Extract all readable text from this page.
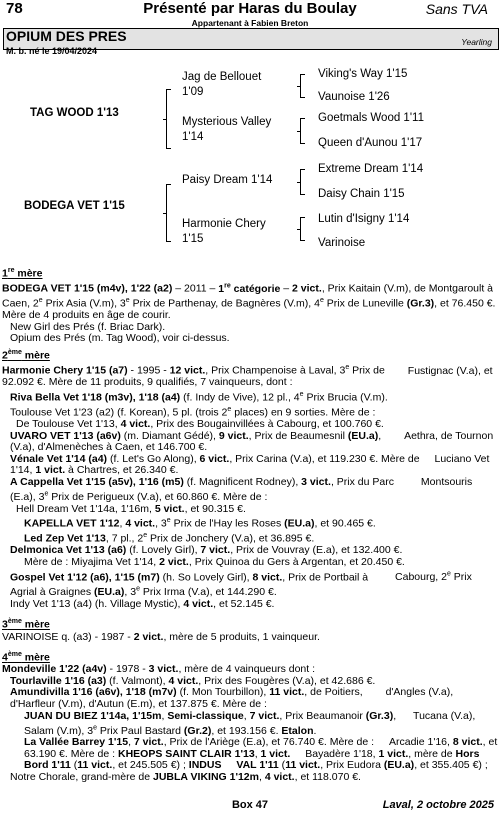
Présenté par Haras du Boulay
78	Sans TVA
Appartenant à Fabien Breton
OPIUM DES PRES	Yearling
M. b. né le 19/04/2024
TAG WOOD 1'13
BODEGA VET 1'15
Jag de Bellouet 1'09
Mysterious Valley 1'14
Paisy Dream 1'14
Harmonie Chery 1'15
Viking's Way 1'15
Vaunoise 1'26
Goetmals Wood 1'11
Queen d'Aunou 1'17
Extreme Dream 1'14
Daisy Chain 1'15
Lutin d'Isigny 1'14
Varinoise

1re mère

BODEGA VET 1'15 (m4v), 1'22 (a2) – 2011 – 1re catégorie – 2 vict., Prix Kaitain (V.m), de Montgaroult à Caen, 2e Prix Asia (V.m), 3e Prix de Parthenay, de Bagnères (V.m), 4e Prix de Luneville (Gr.3), et 76.450 €. Mère de 4 produits en âge de courir.

New Girl des Prés (f. Briac Dark).

Opium des Prés (m. Tag Wood), voir ci-dessus.

2ème mère

Harmonie Chery 1'15 (a7) - 1995 - 12 vict., Prix Champenoise à Laval, 3e Prix de Fustignac (V.a), et 92.092 €. Mère de 11 produits, 9 qualifiés, 7 vainqueurs, dont :

Riva Bella Vet 1'18 (m3v), 1'18 (a4) (f. Indy de Vive), 12 pl., 4e Prix Brucia (V.m).

Toulouse Vet 1'23 (a2) (f. Korean), 5 pl. (trois 2e places) en 9 sorties. Mère de :

De Toulouse Vet 1'13, 4 vict., Prix des Bougainvillées à Cabourg, et 100.760 €.

UVARO VET 1'13 (a6v) (m. Diamant Gédé), 9 vict., Prix de Beaumesnil (EU.a), Aethra, de Tournon (V.a), d'Almenèches à Caen, et 146.700 €.

Vénale Vet 1'14 (a4) (f. Let's Go Along), 6 vict., Prix Carina (V.a), et 119.230 €. Mère de Luciano Vet 1'14, 1 vict. à Chartres, et 26.340 €.

A Cappella Vet 1'15 (a5v), 1'16 (m5) (f. Magnificent Rodney), 3 vict., Prix du Parc Montsouris (E.a), 3e Prix de Perigueux (V.a), et 60.860 €. Mère de :

Hell Dream Vet 1'14a, 1'16m, 5 vict., et 90.315 €.

KAPELLA VET 1'12, 4 vict., 3e Prix de l'Hay les Roses (EU.a), et 90.465 €.

Led Zep Vet 1'13, 7 pl., 2e Prix de Jonchery (V.a), et 36.895 €.

Delmonica Vet 1'13 (a6) (f. Lovely Girl), 7 vict., Prix de Vouvray (E.a), et 132.400 €.

Mère de : Miyajima Vet 1'14, 2 vict., Prix Quinoa du Gers à Argentan, et 20.450 €.

Gospel Vet 1'12 (a6), 1'15 (m7) (h. So Lovely Girl), 8 vict., Prix de Portbail à Cabourg, 2e Prix Agrial à Graignes (EU.a), 3e Prix Irma (V.a), et 144.290 €.

Indy Vet 1'13 (a4) (h. Village Mystic), 4 vict., et 52.145 €.

3ème mère

VARINOISE q. (a3) - 1987 - 2 vict., mère de 5 produits, 1 vainqueur.

4ème mère

Mondeville 1'22 (a4v) - 1978 - 3 vict., mère de 4 vainqueurs dont :

Tourlaville 1'16 (a3) (f. Valmont), 4 vict., Prix des Fougères (V.a), et 42.686 €.

Amundivilla 1'16 (a6v), 1'18 (m7v) (f. Mon Tourbillon), 11 vict., de Poitiers, d'Angles (V.a), d'Harfleur (V.m), d'Autun (E.m), et 137.875 €. Mère de :

JUAN DU BIEZ 1'14a, 1'15m, Semi-classique, 7 vict., Prix Beaumanoir (Gr.3), Tucana (V.a), Salam (V.m), 3e Prix Paul Bastard (Gr.2), et 193.156 €. Etalon.

La Vallée Barrey 1'15, 7 vict., Prix de l'Ariège (E.a), et 76.740 €. Mère de : Arcadie 1'16, 8 vict., et 63.190 €. Mère de : KHEOPS SAINT CLAIR 1'13, 1 vict. Bayadère 1'18, 1 vict., mère de Hors Bord 1'11 (11 vict., et 245.505 €) ; INDUS VAL 1'11 (11 vict., Prix Eudora (EU.a), et 355.405 €) ;

Notre Chorale, grand-mère de JUBLA VIKING 1'12m, 4 vict., et 118.070 €.

Box 47	Laval, 2 octobre 2025
